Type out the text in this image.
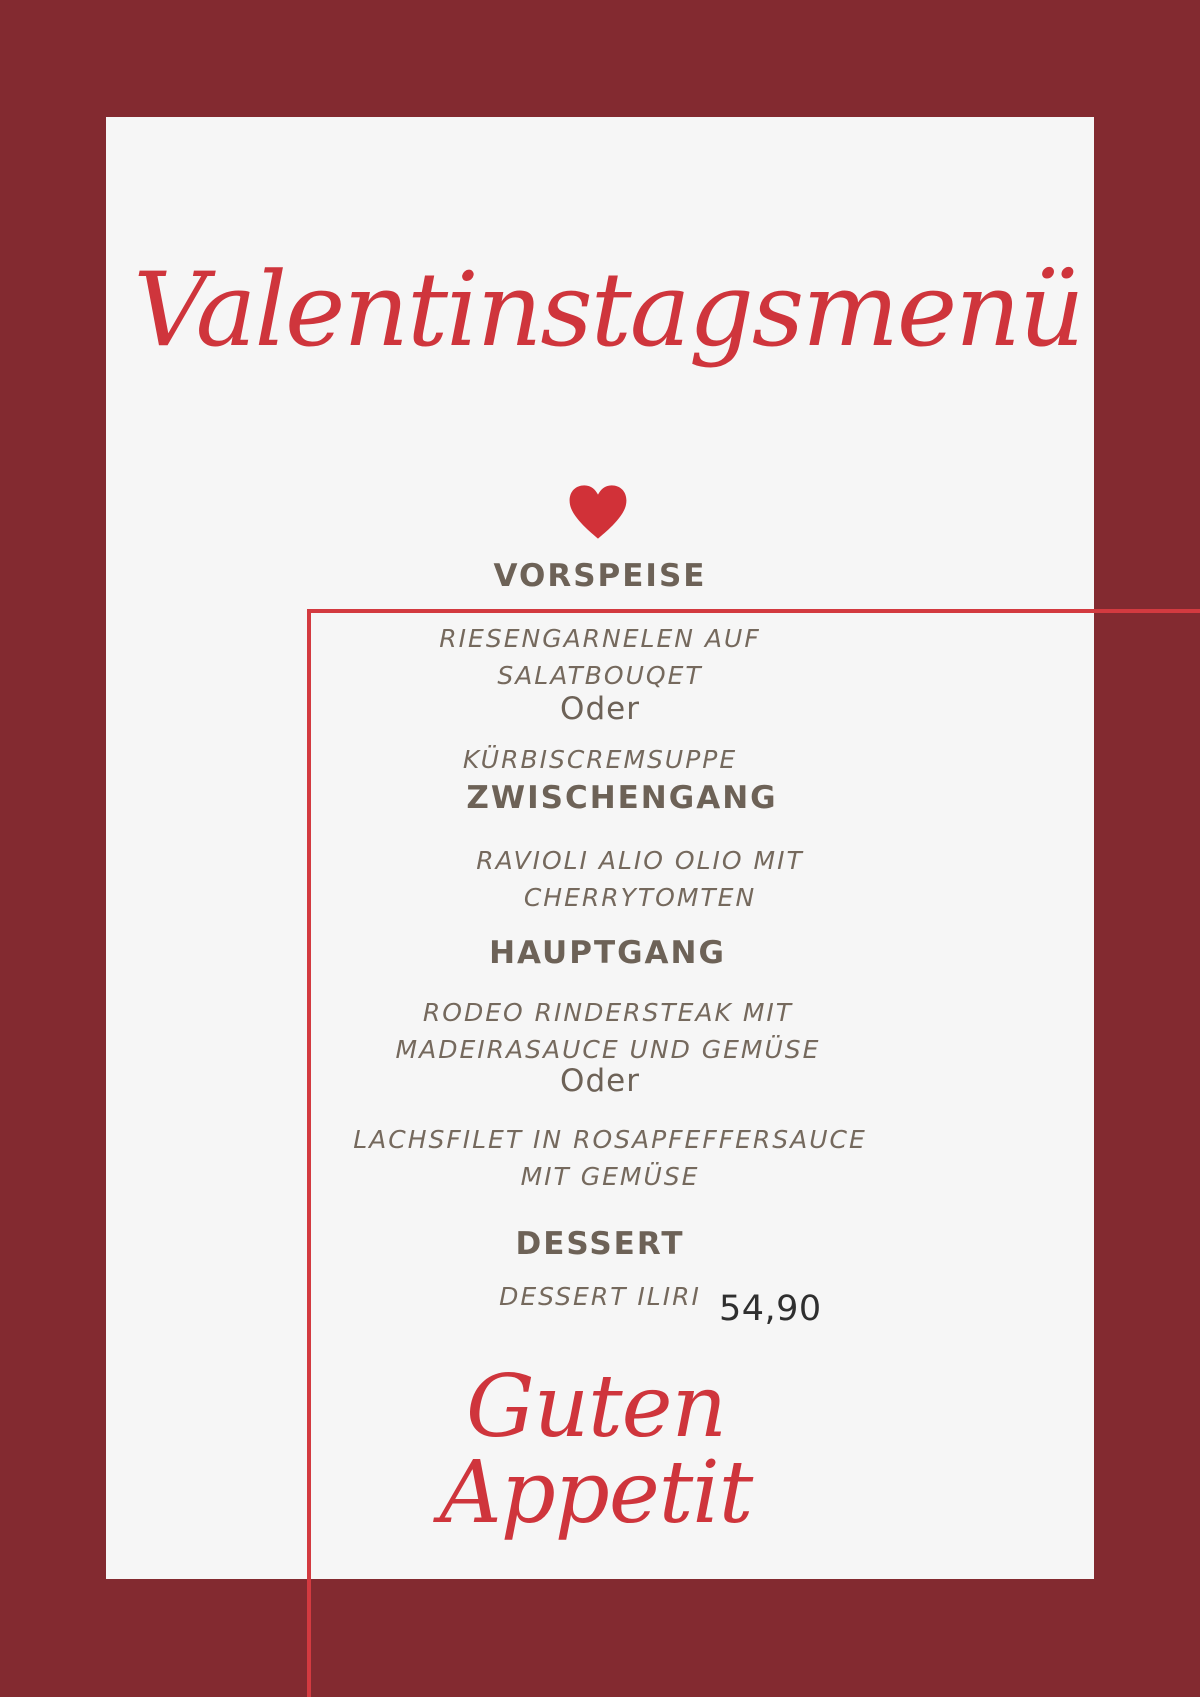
Valentinstagsmenü
VORSPEISE
RIESENGARNELEN AUF
SALATBOUQET
Oder
KÜRBISCREMSUPPE
ZWISCHENGANG
RAVIOLI ALIO OLIO MIT
CHERRYTOMTEN
HAUPTGANG
RODEO RINDERSTEAK MIT
MADEIRASAUCE UND GEMÜSE
Oder
LACHSFILET IN ROSAPFEFFERSAUCE
MIT GEMÜSE
DESSERT
DESSERT ILIRI 54,90
Guten Appetit
